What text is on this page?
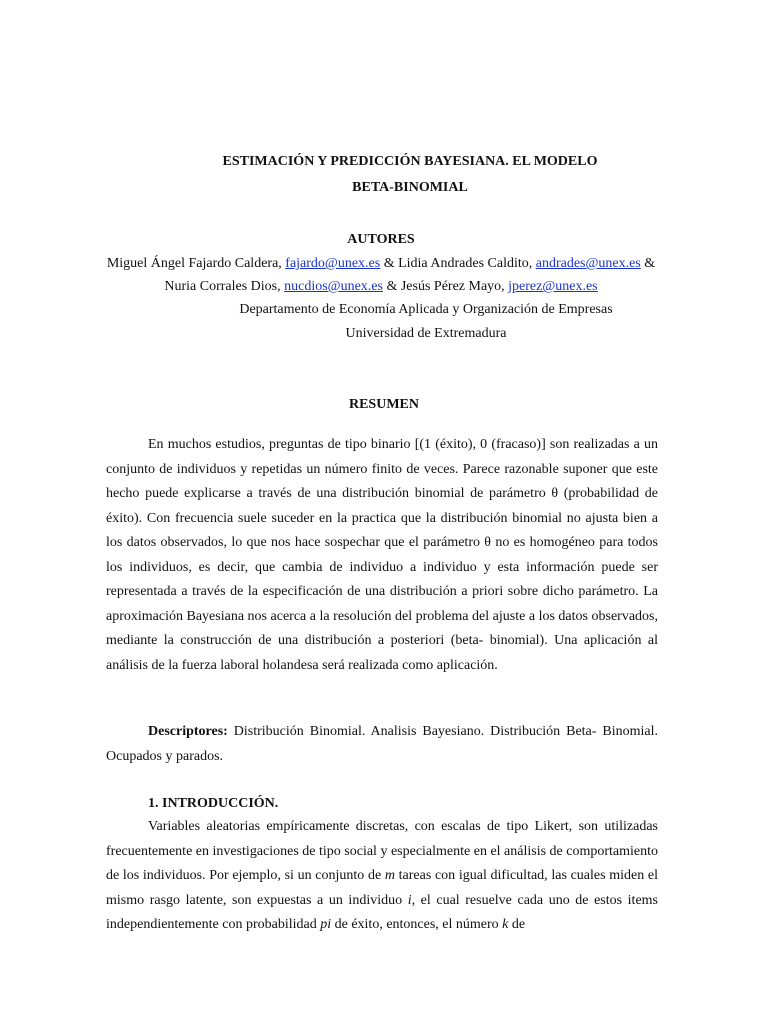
ESTIMACIÓN Y PREDICCIÓN BAYESIANA. EL MODELO
BETA-BINOMIAL
AUTORES
Miguel Ángel Fajardo Caldera, fajardo@unex.es & Lidia Andrades Caldito, andrades@unex.es &
Nuria Corrales Dios, nucdios@unex.es & Jesús Pérez Mayo, jperez@unex.es
Departamento de Economía Aplicada y Organización de Empresas
Universidad de Extremadura
RESUMEN
En muchos estudios, preguntas de tipo binario [(1 (éxito), 0 (fracaso)] son realizadas a un conjunto de individuos y repetidas un número finito de veces. Parece razonable suponer que este hecho puede explicarse a través de una distribución binomial de parámetro θ (probabilidad de éxito). Con frecuencia suele suceder en la practica que la distribución binomial no ajusta bien a los datos observados, lo que nos hace sospechar que el parámetro θ no es homogéneo para todos los individuos, es decir, que cambia de individuo a individuo y esta información puede ser representada a través de la especificación de una distribución a priori sobre dicho parámetro. La aproximación Bayesiana nos acerca a la resolución del problema del ajuste a los datos observados, mediante la construcción de una distribución a posteriori (beta- binomial). Una aplicación al análisis de la fuerza laboral holandesa será realizada como aplicación.
Descriptores: Distribución Binomial. Analisis Bayesiano. Distribución Beta- Binomial. Ocupados y parados.
1. INTRODUCCIÓN.
Variables aleatorias empíricamente discretas, con escalas de tipo Likert, son utilizadas frecuentemente en investigaciones de tipo social y especialmente en el análisis de comportamiento de los individuos. Por ejemplo, si un conjunto de m tareas con igual dificultad, las cuales miden el mismo rasgo latente, son expuestas a un individuo i, el cual resuelve cada uno de estos items independientemente con probabilidad pi de éxito, entonces, el número k de
